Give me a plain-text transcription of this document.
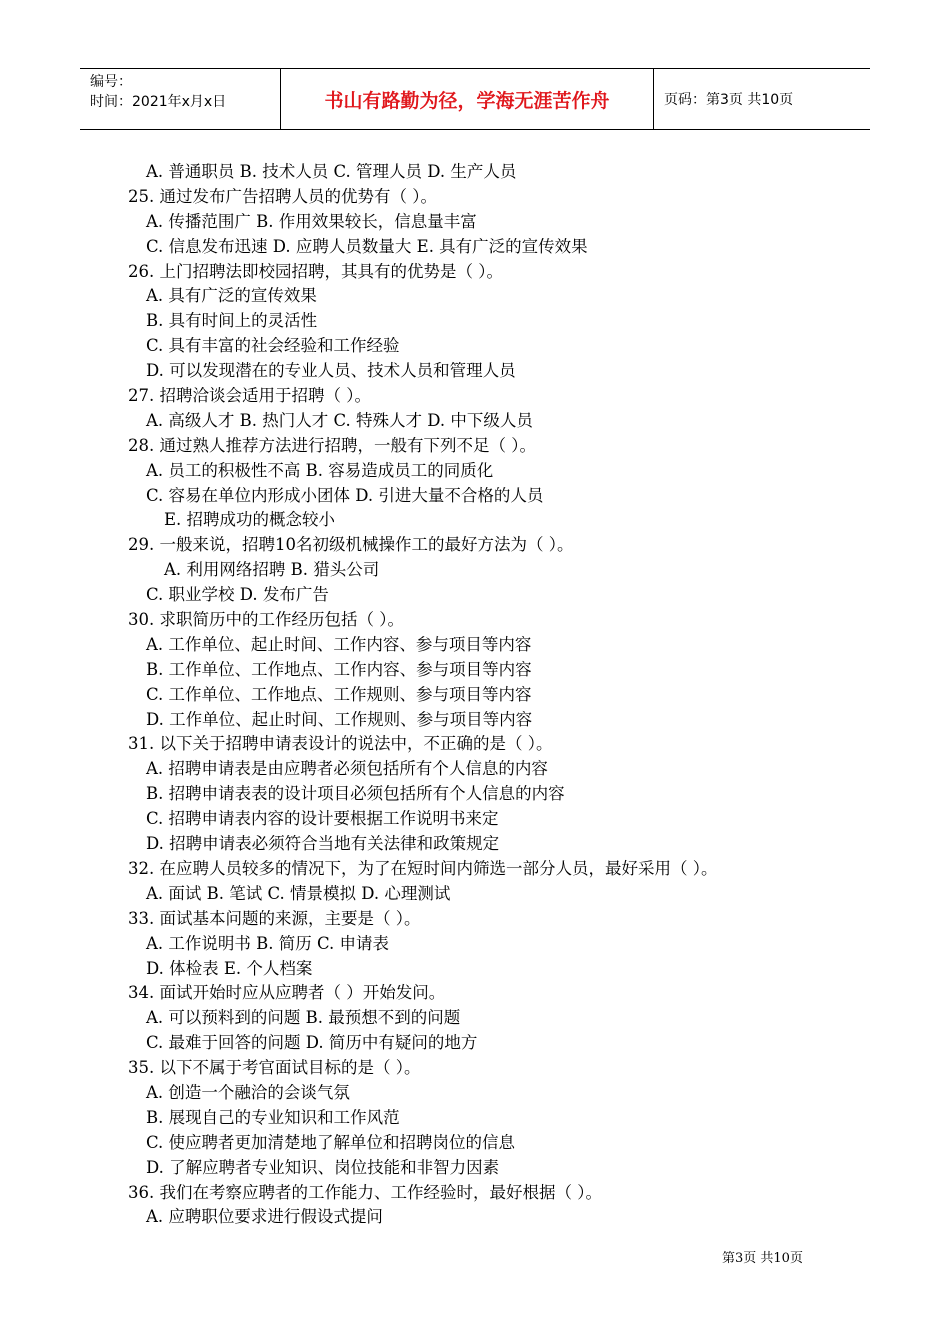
编号：
时间：2021年x月x日	书山有路勤为径，学海无涯苦作舟	页码：第3页 共10页
A. 普通职员 B. 技术人员 C. 管理人员 D. 生产人员
25. 通过发布广告招聘人员的优势有（ ）。
A. 传播范围广 B. 作用效果较长，信息量丰富
C. 信息发布迅速 D. 应聘人员数量大 E. 具有广泛的宣传效果
26. 上门招聘法即校园招聘，其具有的优势是（ ）。
A. 具有广泛的宣传效果
B. 具有时间上的灵活性
C. 具有丰富的社会经验和工作经验
D. 可以发现潜在的专业人员、技术人员和管理人员
27. 招聘洽谈会适用于招聘（ ）。
A. 高级人才 B. 热门人才 C. 特殊人才 D. 中下级人员
28. 通过熟人推荐方法进行招聘，一般有下列不足（ ）。
A. 员工的积极性不高 B. 容易造成员工的同质化
C. 容易在单位内形成小团体 D. 引进大量不合格的人员
E. 招聘成功的概念较小
29. 一般来说，招聘10名初级机械操作工的最好方法为（ ）。
A. 利用网络招聘 B. 猎头公司
C. 职业学校 D. 发布广告
30. 求职简历中的工作经历包括（ ）。
A. 工作单位、起止时间、工作内容、参与项目等内容
B. 工作单位、工作地点、工作内容、参与项目等内容
C. 工作单位、工作地点、工作规则、参与项目等内容
D. 工作单位、起止时间、工作规则、参与项目等内容
31. 以下关于招聘申请表设计的说法中，不正确的是（ ）。
A. 招聘申请表是由应聘者必须包括所有个人信息的内容
B. 招聘申请表表的设计项目必须包括所有个人信息的内容
C. 招聘申请表内容的设计要根据工作说明书来定
D. 招聘申请表必须符合当地有关法律和政策规定
32. 在应聘人员较多的情况下，为了在短时间内筛选一部分人员，最好采用（ ）。
A. 面试 B. 笔试 C. 情景模拟 D. 心理测试
33. 面试基本问题的来源，主要是（ ）。
A. 工作说明书 B. 简历 C. 申请表
D. 体检表 E. 个人档案
34. 面试开始时应从应聘者（ ）开始发问。
A. 可以预料到的问题 B. 最预想不到的问题
C. 最难于回答的问题 D. 简历中有疑问的地方
35. 以下不属于考官面试目标的是（ ）。
A. 创造一个融洽的会谈气氛
B. 展现自己的专业知识和工作风范
C. 使应聘者更加清楚地了解单位和招聘岗位的信息
D. 了解应聘者专业知识、岗位技能和非智力因素
36. 我们在考察应聘者的工作能力、工作经验时，最好根据（ ）。
A. 应聘职位要求进行假设式提问
第3页 共10页
